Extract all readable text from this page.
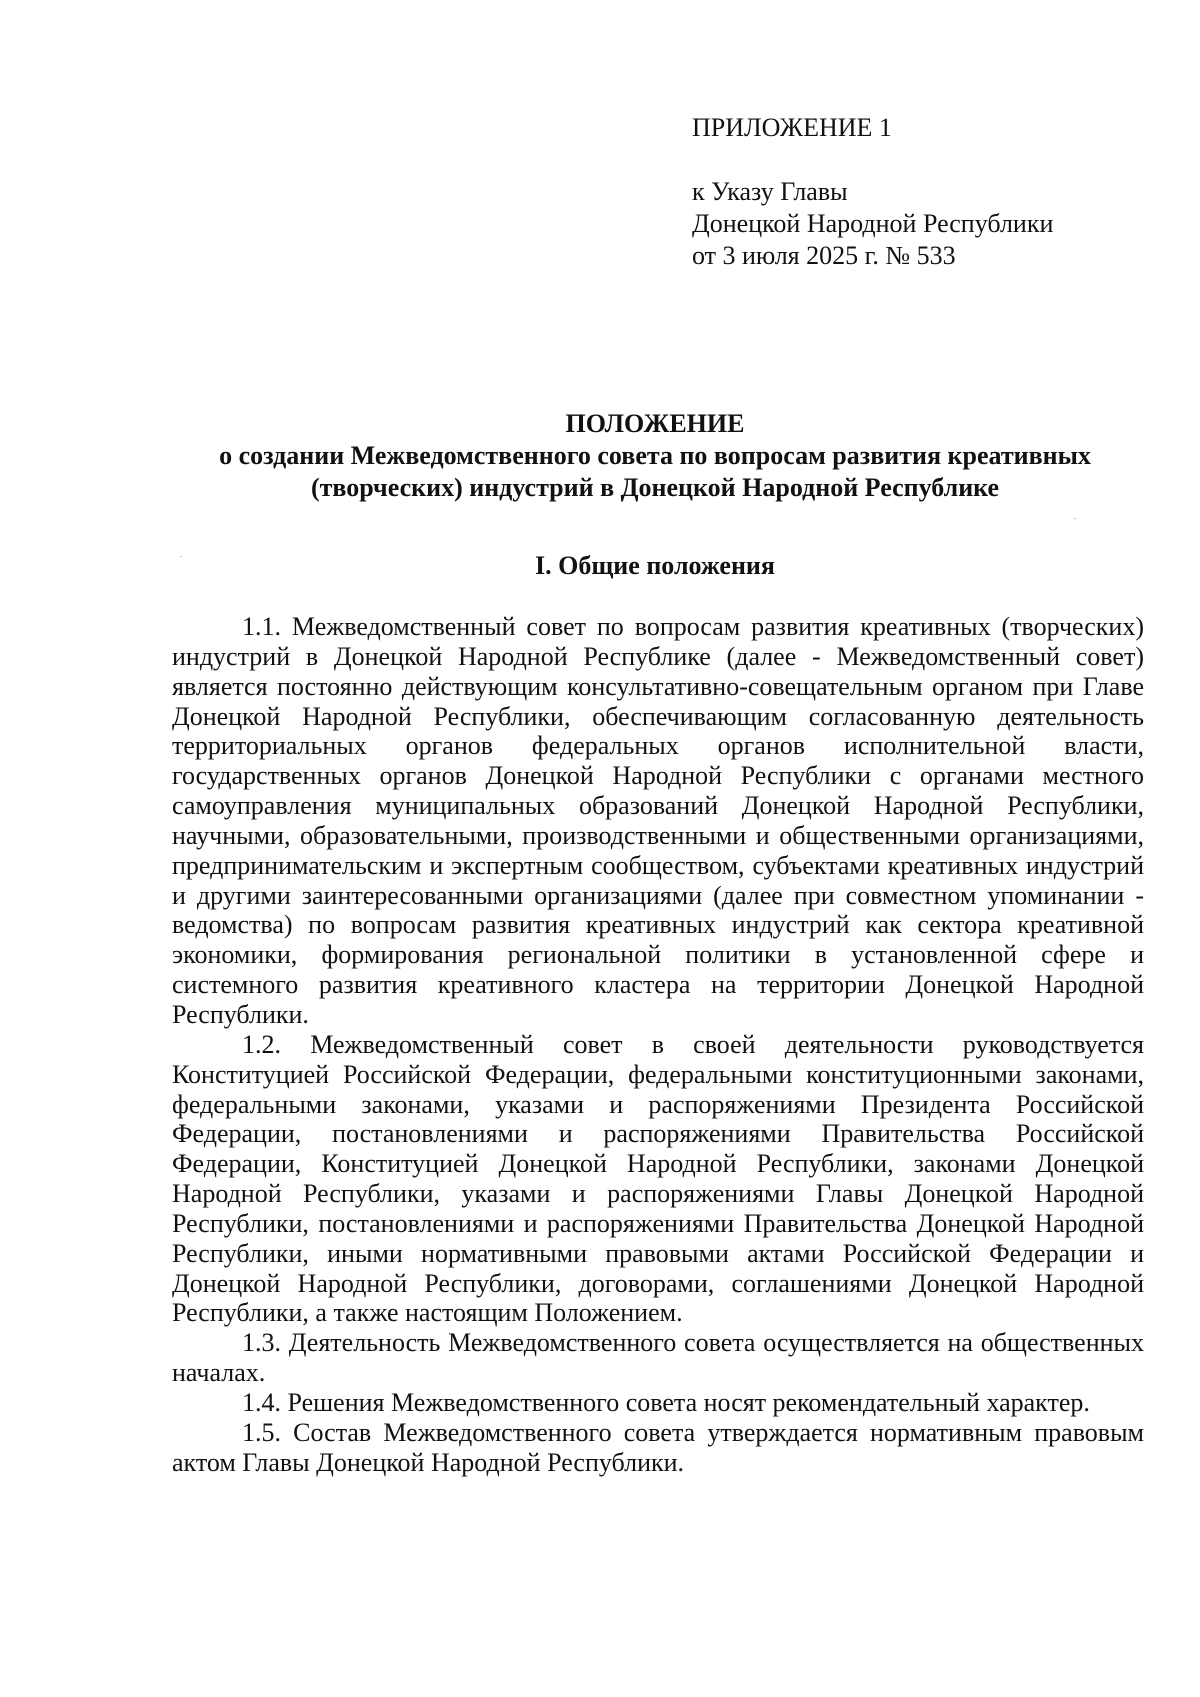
ПРИЛОЖЕНИЕ 1
к Указу Главы
Донецкой Народной Республики
от 3 июля 2025 г. № 533
ПОЛОЖЕНИЕ
о создании Межведомственного совета по вопросам развития креативных
(творческих) индустрий в Донецкой Народной Республике
I. Общие положения

1.1. Межведомственный совет по вопросам развития креативных (творческих) индустрий в Донецкой Народной Республике (далее - Межведомственный совет) является постоянно действующим консультативно-совещательным органом при Главе Донецкой Народной Республики, обеспечивающим согласованную деятельность территориальных органов федеральных органов исполнительной власти, государственных органов Донецкой Народной Республики с органами местного самоуправления муниципальных образований Донецкой Народной Республики, научными, образовательными, производственными и общественными организациями, предпринимательским и экспертным сообществом, субъектами креативных индустрий и другими заинтересованными организациями (далее при совместном упоминании - ведомства) по вопросам развития креативных индустрий как сектора креативной экономики, формирования региональной политики в установленной сфере и системного развития креативного кластера на территории Донецкой Народной Республики.

1.2. Межведомственный совет в своей деятельности руководствуется Конституцией Российской Федерации, федеральными конституционными законами, федеральными законами, указами и распоряжениями Президента Российской Федерации, постановлениями и распоряжениями Правительства Российской Федерации, Конституцией Донецкой Народной Республики, законами Донецкой Народной Республики, указами и распоряжениями Главы Донецкой Народной Республики, постановлениями и распоряжениями Правительства Донецкой Народной Республики, иными нормативными правовыми актами Российской Федерации и Донецкой Народной Республики, договорами, соглашениями Донецкой Народной Республики, а также настоящим Положением.

1.3. Деятельность Межведомственного совета осуществляется на общественных началах.

1.4. Решения Межведомственного совета носят рекомендательный характер.

1.5. Состав Межведомственного совета утверждается нормативным правовым актом Главы Донецкой Народной Республики.
